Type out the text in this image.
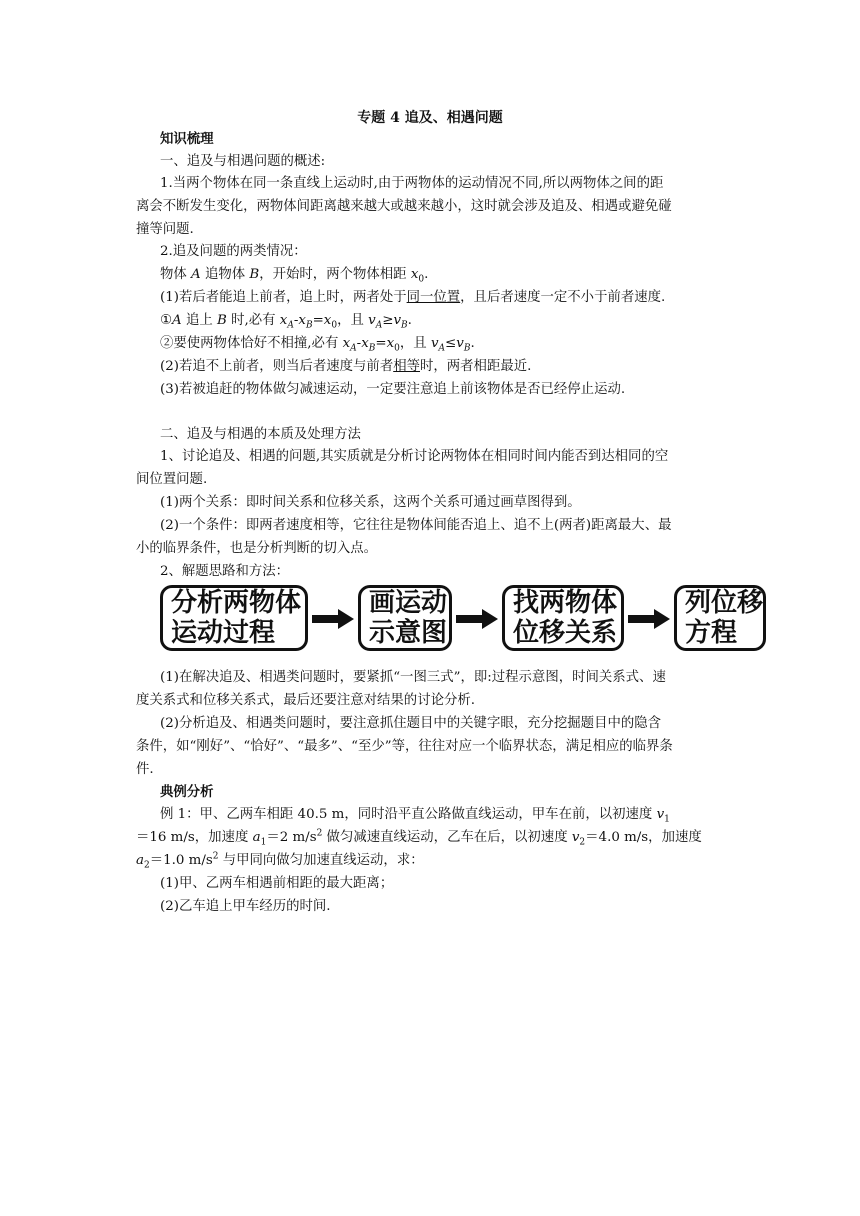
专题 4 追及、相遇问题
知识梳理
一、追及与相遇问题的概述:
1.当两个物体在同一条直线上运动时,由于两物体的运动情况不同,所以两物体之间的距
离会不断发生变化，两物体间距离越来越大或越来越小，这时就会涉及追及、相遇或避免碰
撞等问题.
2.追及问题的两类情况：
物体 A 追物体 B，开始时，两个物体相距 $x_0$.
(1)若后者能追上前者，追上时，两者处于同一位置，且后者速度一定不小于前者速度.
①A 追上 B 时,必有 $x_A-x_B=x_0$，且 $v_A\ge v_B$.
②要使两物体恰好不相撞,必有 $x_A-x_B=x_0$，且 $v_A\le v_B$.
(2)若追不上前者，则当后者速度与前者相等时，两者相距最近.
(3)若被追赶的物体做匀减速运动，一定要注意追上前该物体是否已经停止运动.
二、追及与相遇的本质及处理方法
1、讨论追及、相遇的问题,其实质就是分析讨论两物体在相同时间内能否到达相同的空
间位置问题.
(1)两个关系：即时间关系和位移关系，这两个关系可通过画草图得到。
(2)一个条件：即两者速度相等，它往往是物体间能否追上、追不上(两者)距离最大、最
小的临界条件，也是分析判断的切入点。
2、解题思路和方法：
分析两物体
运动过程
画运动
示意图
找两物体
位移关系
列位移
方程
(1)在解决追及、相遇类问题时，要紧抓“一图三式”，即:过程示意图，时间关系式、速
度关系式和位移关系式，最后还要注意对结果的讨论分析.
(2)分析追及、相遇类问题时，要注意抓住题目中的关键字眼，充分挖掘题目中的隐含
条件，如“刚好”、“恰好”、“最多”、“至少”等，往往对应一个临界状态，满足相应的临界条
件.
典例分析
例 1：甲、乙两车相距 40.5 m，同时沿平直公路做直线运动，甲车在前，以初速度 $v_1$
＝16 m/s，加速度 $a_1=2$ $m/s^2$ 做匀减速直线运动，乙车在后，以初速度 $v_2=4.0$ m/s，加速度
$a_2=1.0$ $m/s^2$ 与甲同向做匀加速直线运动，求：
(1)甲、乙两车相遇前相距的最大距离；
(2)乙车追上甲车经历的时间.
